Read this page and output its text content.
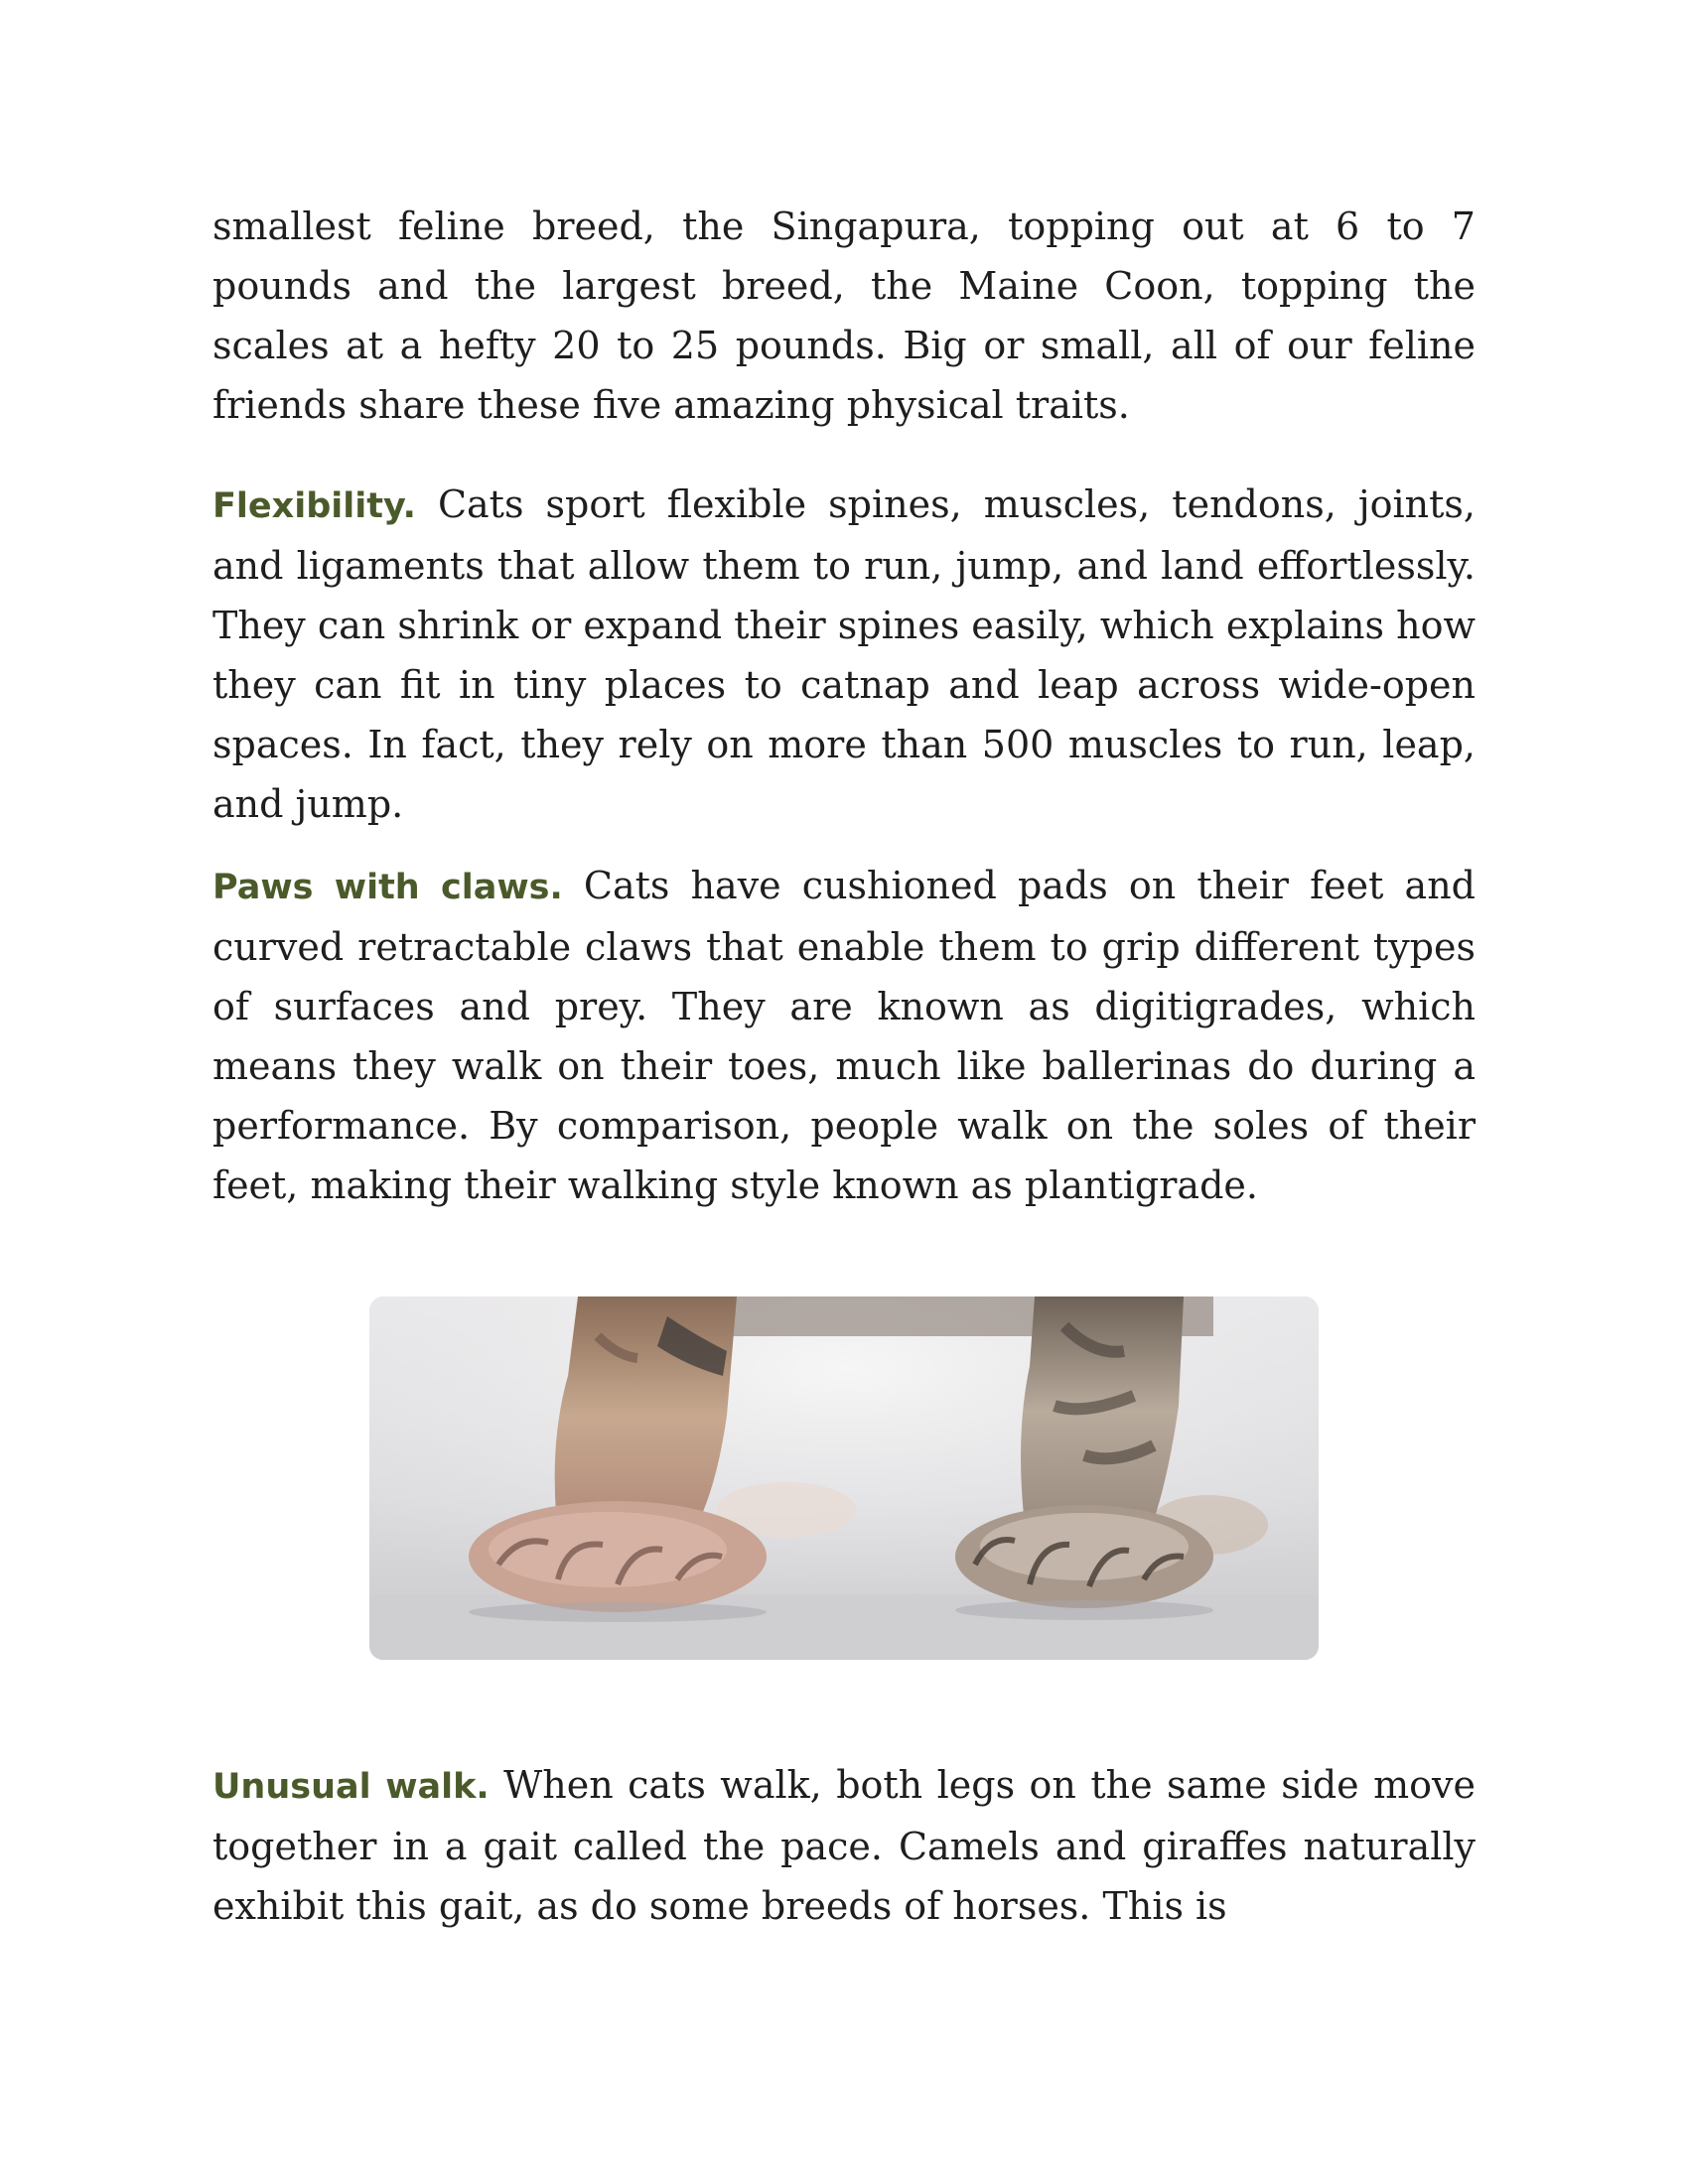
smallest feline breed, the Singapura, topping out at 6 to 7 pounds and the largest breed, the Maine Coon, topping the scales at a hefty 20 to 25 pounds. Big or small, all of our feline friends share these five amazing physical traits.

Flexibility. Cats sport flexible spines, muscles, tendons, joints, and ligaments that allow them to run, jump, and land effortlessly. They can shrink or expand their spines easily, which explains how they can fit in tiny places to catnap and leap across wide-open spaces. In fact, they rely on more than 500 muscles to run, leap, and jump.

Paws with claws. Cats have cushioned pads on their feet and curved retractable claws that enable them to grip different types of surfaces and prey. They are known as digitigrades, which means they walk on their toes, much like ballerinas do during a performance. By comparison, people walk on the soles of their feet, making their walking style known as plantigrade.

Unusual walk. When cats walk, both legs on the same side move together in a gait called the pace. Camels and giraffes naturally exhibit this gait, as do some breeds of horses. This is
